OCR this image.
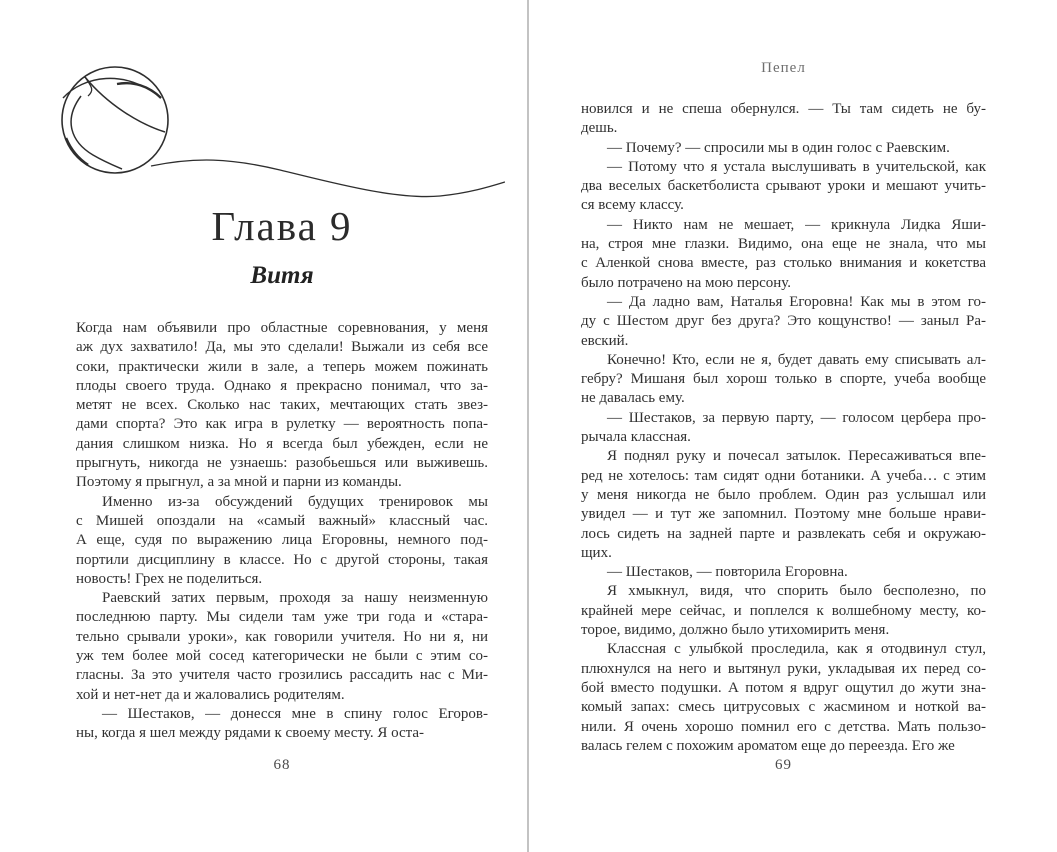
Глава 9
Витя
Когда нам объявили про областные соревнования, у меня
аж дух захватило! Да, мы это сделали! Выжали из себя все
соки, практически жили в зале, а теперь можем пожинать
плоды своего труда. Однако я прекрасно понимал, что за-
метят не всех. Сколько нас таких, мечтающих стать звез-
дами спорта? Это как игра в рулетку — вероятность попа-
дания слишком низка. Но я всегда был убежден, если не
прыгнуть, никогда не узнаешь: разобьешься или выживешь.
Поэтому я прыгнул, а за мной и парни из команды.
Именно из-за обсуждений будущих тренировок мы
с Мишей опоздали на «самый важный» классный час.
А еще, судя по выражению лица Егоровны, немного под-
портили дисциплину в классе. Но с другой стороны, такая
новость! Грех не поделиться.
Раевский затих первым, проходя за нашу неизменную
последнюю парту. Мы сидели там уже три года и «стара-
тельно срывали уроки», как говорили учителя. Но ни я, ни
уж тем более мой сосед категорически не были с этим со-
гласны. За это учителя часто грозились рассадить нас с Ми-
хой и нет-нет да и жаловались родителям.
— Шестаков, — донесся мне в спину голос Егоров-
ны, когда я шел между рядами к своему месту. Я оста-
68
Пепел
новился и не спеша обернулся. — Ты там сидеть не бу-
дешь.
— Почему? — спросили мы в один голос с Раевским.
— Потому что я устала выслушивать в учительской, как
два веселых баскетболиста срывают уроки и мешают учить-
ся всему классу.
— Никто нам не мешает, — крикнула Лидка Яши-
на, строя мне глазки. Видимо, она еще не знала, что мы
с Аленкой снова вместе, раз столько внимания и кокетства
было потрачено на мою персону.
— Да ладно вам, Наталья Егоровна! Как мы в этом го-
ду с Шестом друг без друга? Это кощунство! — заныл Ра-
евский.
Конечно! Кто, если не я, будет давать ему списывать ал-
гебру? Мишаня был хорош только в спорте, учеба вообще
не давалась ему.
— Шестаков, за первую парту, — голосом цербера про-
рычала классная.
Я поднял руку и почесал затылок. Пересаживаться впе-
ред не хотелось: там сидят одни ботаники. А учеба… с этим
у меня никогда не было проблем. Один раз услышал или
увидел — и тут же запомнил. Поэтому мне больше нрави-
лось сидеть на задней парте и развлекать себя и окружаю-
щих.
— Шестаков, — повторила Егоровна.
Я хмыкнул, видя, что спорить было бесполезно, по
крайней мере сейчас, и поплелся к волшебному месту, ко-
торое, видимо, должно было утихомирить меня.
Классная с улыбкой проследила, как я отодвинул стул,
плюхнулся на него и вытянул руки, укладывая их перед со-
бой вместо подушки. А потом я вдруг ощутил до жути зна-
комый запах: смесь цитрусовых с жасмином и ноткой ва-
нили. Я очень хорошо помнил его с детства. Мать пользо-
валась гелем с похожим ароматом еще до переезда. Его же
69
